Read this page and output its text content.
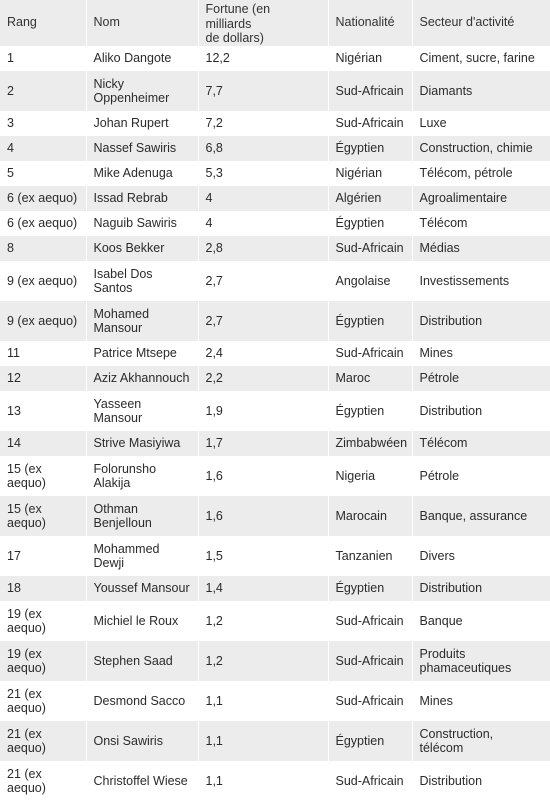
Rang	Nom	Fortune (en
milliards
de dollars)	Nationalité	Secteur d'activité
1	Aliko Dangote	12,2	Nigérian	Ciment, sucre, farine
2	Nicky
Oppenheimer	7,7	Sud-Africain	Diamants
3	Johan Rupert	7,2	Sud-Africain	Luxe
4	Nassef Sawiris	6,8	Égyptien	Construction, chimie
5	Mike Adenuga	5,3	Nigérian	Télécom, pétrole
6 (ex aequo)	Issad Rebrab	4	Algérien	Agroalimentaire
6 (ex aequo)	Naguib Sawiris	4	Égyptien	Télécom
8	Koos Bekker	2,8	Sud-Africain	Médias
9 (ex aequo)	Isabel Dos
Santos	2,7	Angolaise	Investissements
9 (ex aequo)	Mohamed
Mansour	2,7	Égyptien	Distribution
11	Patrice Mtsepe	2,4	Sud-Africain	Mines
12	Aziz Akhannouch	2,2	Maroc	Pétrole
13	Yasseen
Mansour	1,9	Égyptien	Distribution
14	Strive Masiyiwa	1,7	Zimbabwéen	Télécom
15 (ex
aequo)	Folorunsho
Alakija	1,6	Nigeria	Pétrole
15 (ex
aequo)	Othman
Benjelloun	1,6	Marocain	Banque, assurance
17	Mohammed
Dewji	1,5	Tanzanien	Divers
18	Youssef Mansour	1,4	Égyptien	Distribution
19 (ex
aequo)	Michiel le Roux	1,2	Sud-Africain	Banque
19 (ex
aequo)	Stephen Saad	1,2	Sud-Africain	Produits
phamaceutiques
21 (ex
aequo)	Desmond Sacco	1,1	Sud-Africain	Mines
21 (ex
aequo)	Onsi Sawiris	1,1	Égyptien	Construction,
télécom
21 (ex
aequo)	Christoffel Wiese	1,1	Sud-Africain	Distribution
